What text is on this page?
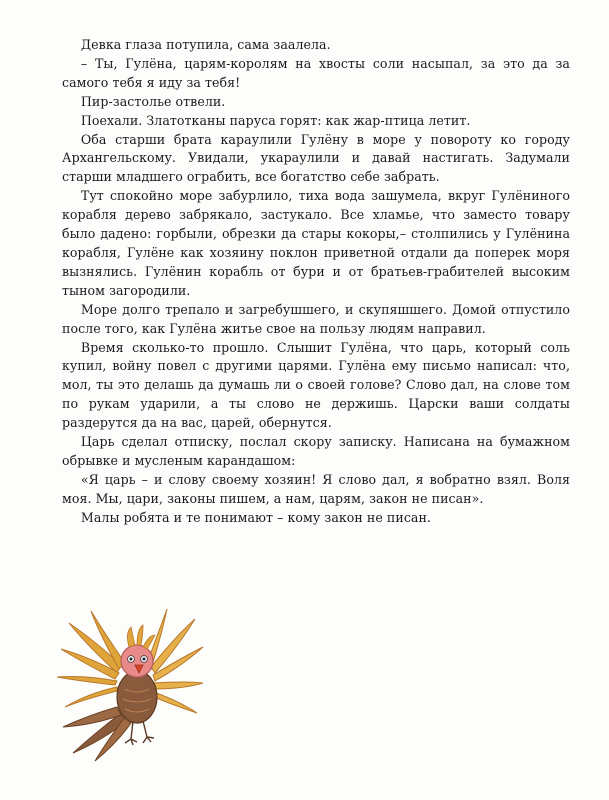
Девка глаза потупила, сама заалела.

– Ты, Гулёна, царям-королям на хвосты соли насыпал, за это да за самого тебя я иду за тебя!

Пир-застолье отвели.

Поехали. Златотканы паруса горят: как жар-птица летит.

Оба старши брата караулили Гулёну в море у повороту ко городу Архангельскому. Увидали, укараулили и давай настигать. Задумали старши младшего ограбить, все богатство себе забрать.

Тут спокойно море забурлило, тиха вода зашумела, вкруг Гулёниного корабля дерево забрякало, застукало. Все хламье, что заместо товару было дадено: горбыли, обрезки да стары кокоры,– столпились у Гулёнина корабля, Гулёне как хозяину поклон приветной отдали да поперек моря вызнялись. Гулёнин корабль от бури и от братьев-грабителей высоким тыном загородили.

Море долго трепало и загребушшего, и скупяшшего. Домой отпустило после того, как Гулёна житье свое на пользу людям направил.

Время сколько-то прошло. Слышит Гулёна, что царь, который соль купил, войну повел с другими царями. Гулёна ему письмо написал: что, мол, ты это делашь да думашь ли о своей голове? Слово дал, на слове том по рукам ударили, а ты слово не держишь. Царски ваши солдаты раздерутся да на вас, царей, обернутся.

Царь сделал отписку, послал скору записку. Написана на бумажном обрывке и мусленым карандашом:

«Я царь – и слову своему хозяин! Я слово дал, я вобратно взял. Воля моя. Мы, цари, законы пишем, а нам, царям, закон не писан».

Малы робята и те понимают – кому закон не писан.
